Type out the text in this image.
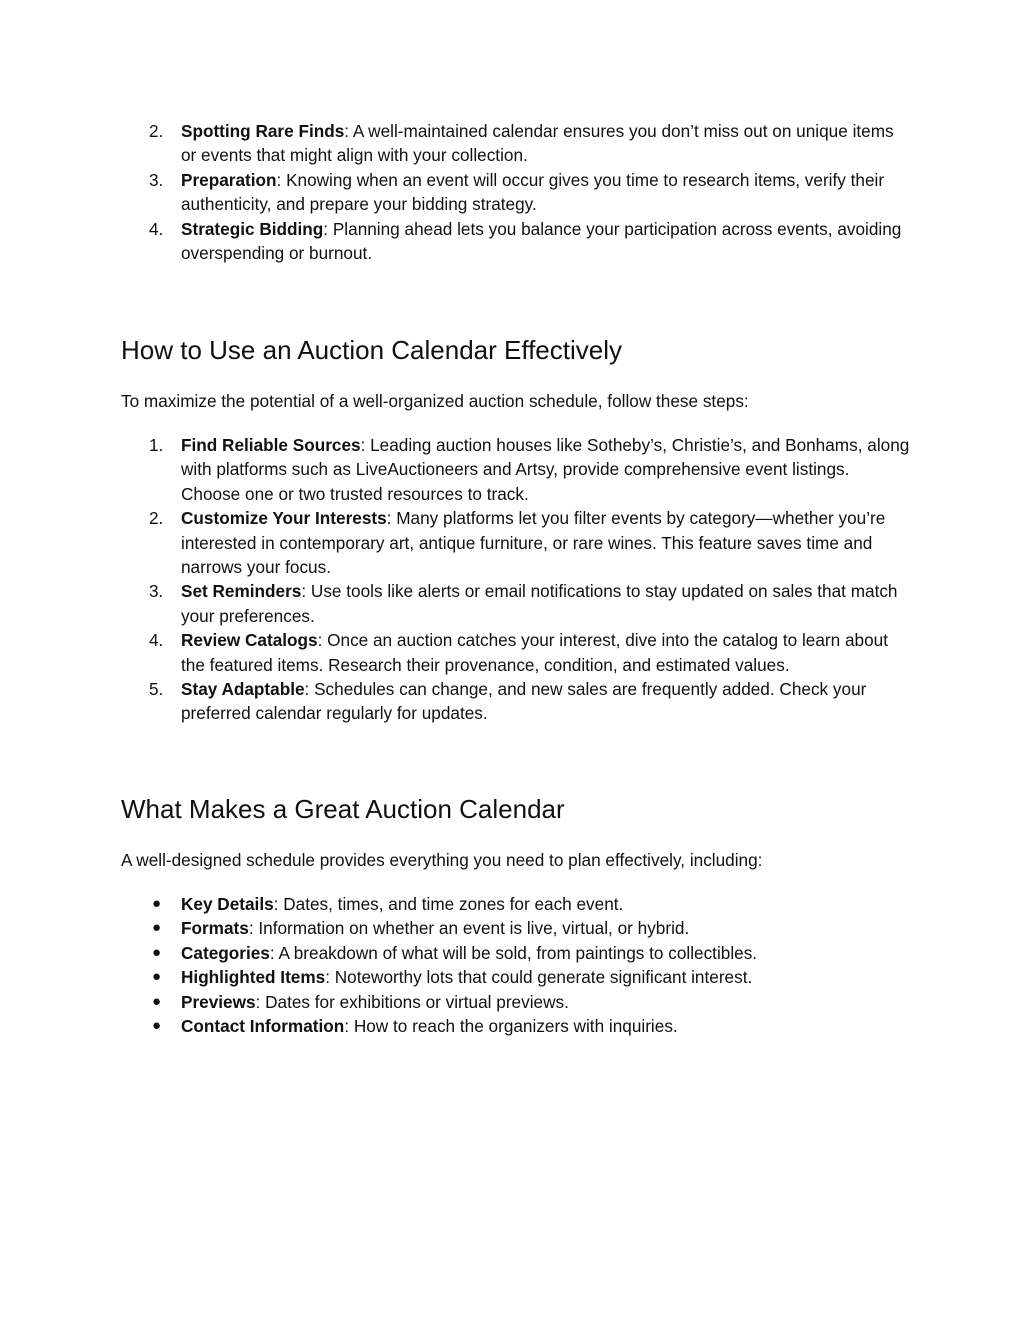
2. Spotting Rare Finds: A well-maintained calendar ensures you don’t miss out on unique items or events that might align with your collection.
3. Preparation: Knowing when an event will occur gives you time to research items, verify their authenticity, and prepare your bidding strategy.
4. Strategic Bidding: Planning ahead lets you balance your participation across events, avoiding overspending or burnout.
How to Use an Auction Calendar Effectively

To maximize the potential of a well-organized auction schedule, follow these steps:

1. Find Reliable Sources: Leading auction houses like Sotheby’s, Christie’s, and Bonhams, along with platforms such as LiveAuctioneers and Artsy, provide comprehensive event listings. Choose one or two trusted resources to track.
2. Customize Your Interests: Many platforms let you filter events by category—whether you’re interested in contemporary art, antique furniture, or rare wines. This feature saves time and narrows your focus.
3. Set Reminders: Use tools like alerts or email notifications to stay updated on sales that match your preferences.
4. Review Catalogs: Once an auction catches your interest, dive into the catalog to learn about the featured items. Research their provenance, condition, and estimated values.
5. Stay Adaptable: Schedules can change, and new sales are frequently added. Check your preferred calendar regularly for updates.
What Makes a Great Auction Calendar

A well-designed schedule provides everything you need to plan effectively, including:

● Key Details: Dates, times, and time zones for each event.
● Formats: Information on whether an event is live, virtual, or hybrid.
● Categories: A breakdown of what will be sold, from paintings to collectibles.
● Highlighted Items: Noteworthy lots that could generate significant interest.
● Previews: Dates for exhibitions or virtual previews.
● Contact Information: How to reach the organizers with inquiries.
